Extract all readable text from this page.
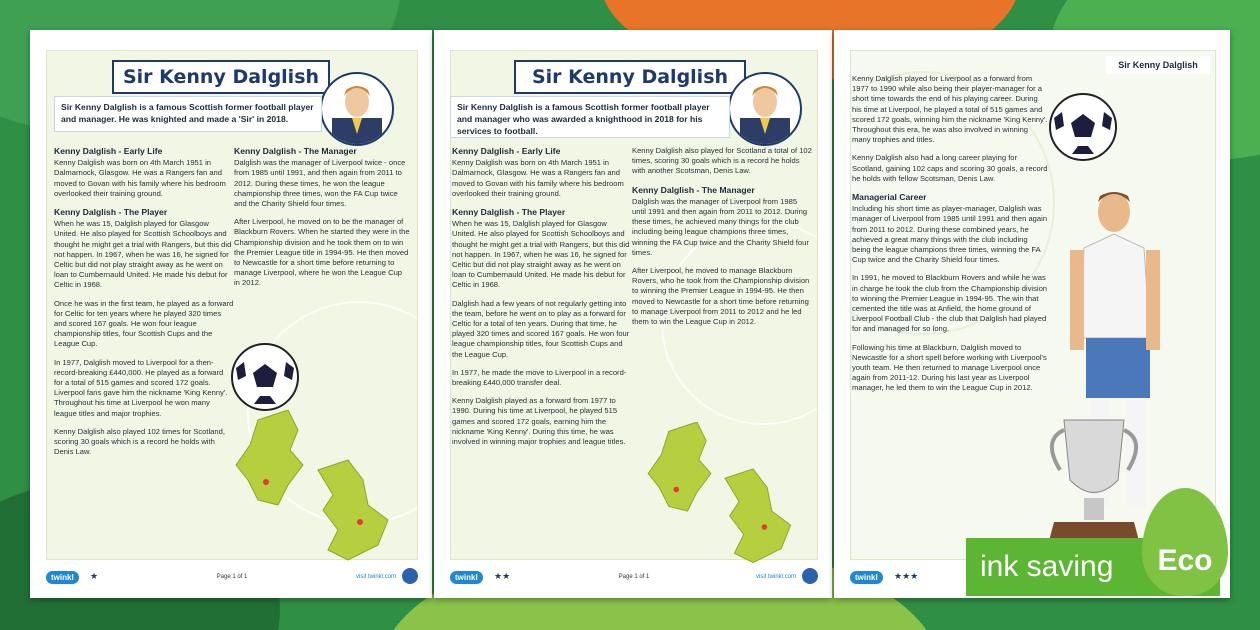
Sir Kenny Dalglish
Sir Kenny Dalglish is a famous Scottish former football player and manager. He was knighted and made a 'Sir' in 2018.
Kenny Dalglish - Early Life

Kenny Dalglish was born on 4th March 1951 in Dalmarnock, Glasgow. He was a Rangers fan and moved to Govan with his family where his bedroom overlooked their training ground.

Kenny Dalglish - The Player

When he was 15, Dalglish played for Glasgow United. He also played for Scottish Schoolboys and thought he might get a trial with Rangers, but this did not happen. In 1967, when he was 16, he signed for Celtic but did not play straight away as he went on loan to Cumbernauld United. He made his debut for Celtic in 1968.

Once he was in the first team, he played as a forward for Celtic for ten years where he played 320 times and scored 167 goals. He won four league championship titles, four Scottish Cups and the League Cup.

In 1977, Dalglish moved to Liverpool for a then-record-breaking £440,000. He played as a forward for a total of 515 games and scored 172 goals. Liverpool fans gave him the nickname 'King Kenny'. Throughout his time at Liverpool he won many league titles and major trophies.

Kenny Dalglish also played 102 times for Scotland, scoring 30 goals which is a record he holds with Denis Law.

Kenny Dalglish - The Manager

Dalglish was the manager of Liverpool twice - once from 1985 until 1991, and then again from 2011 to 2012. During these times, he won the league championship three times, won the FA Cup twice and the Charity Shield four times.

After Liverpool, he moved on to be the manager of Blackburn Rovers. When he started they were in the Championship division and he took them on to win the Premier League title in 1994-95. He then moved to Newcastle for a short time before returning to manage Liverpool, where he won the League Cup in 2012.

twinkl	★	Page 1 of 1	visit twinkl.com
Sir Kenny Dalglish
Sir Kenny Dalglish is a famous Scottish former football player and manager who was awarded a knighthood in 2018 for his services to football.
Kenny Dalglish - Early Life

Kenny Dalglish was born on 4th March 1951 in Dalmarnock, Glasgow. He was a Rangers fan and moved to Govan with his family where his bedroom overlooked their training ground.

Kenny Dalglish - The Player

When he was 15, Dalglish played for Glasgow United. He also played for Scottish Schoolboys and thought he might get a trial with Rangers, but this did not happen. In 1967, when he was 16, he signed for Celtic but did not play straight away as he went on loan to Cumbernauld United. He made his debut for Celtic in 1968.

Dalglish had a few years of not regularly getting into the team, before he went on to play as a forward for Celtic for a total of ten years. During that time, he played 320 times and scored 167 goals. He won four league championship titles, four Scottish Cups and the League Cup.

In 1977, he made the move to Liverpool in a record-breaking £440,000 transfer deal.

Kenny Dalglish played as a forward from 1977 to 1990. During his time at Liverpool, he played 515 games and scored 172 goals, earning him the nickname 'King Kenny'. During this time, he was involved in winning major trophies and league titles.

Kenny Dalglish also played for Scotland a total of 102 times, scoring 30 goals which is a record he holds with another Scotsman, Denis Law.

Kenny Dalglish - The Manager

Dalglish was the manager of Liverpool from 1985 until 1991 and then again from 2011 to 2012. During these times, he achieved many things for the club including being league champions three times, winning the FA Cup twice and the Charity Shield four times.

After Liverpool, he moved to manage Blackburn Rovers, who he took from the Championship division to winning the Premier League in 1994-95. He then moved to Newcastle for a short time before returning to manage Liverpool from 2011 to 2012 and he led them to win the League Cup in 2012.

twinkl	★★	Page 1 of 1	visit twinkl.com
Sir Kenny Dalglish

Kenny Dalglish played for Liverpool as a forward from 1977 to 1990 while also being their player-manager for a short time towards the end of his playing career. During his time at Liverpool, he played a total of 515 games and scored 172 goals, winning him the nickname 'King Kenny'. Throughout this era, he was also involved in winning many trophies and titles.

Kenny Dalglish also had a long career playing for Scotland, gaining 102 caps and scoring 30 goals, a record he holds with fellow Scotsman, Denis Law.

Managerial Career

Including his short time as player-manager, Dalglish was manager of Liverpool from 1985 until 1991 and then again from 2011 to 2012. During these combined years, he achieved a great many things with the club including being the league champions three times, winning the FA Cup twice and the Charity Shield four times.

In 1991, he moved to Blackburn Rovers and while he was in charge he took the club from the Championship division to winning the Premier League in 1994-95. The win that cemented the title was at Anfield, the home ground of Liverpool Football Club - the club that Dalglish had played for and managed for so long.

Following his time at Blackburn, Dalglish moved to Newcastle for a short spell before working with Liverpool's youth team. He then returned to manage Liverpool once again from 2011-12. During his last year as Liverpool manager, he led them to win the League Cup in 2012.

twinkl	★★★ ink saving	Eco
